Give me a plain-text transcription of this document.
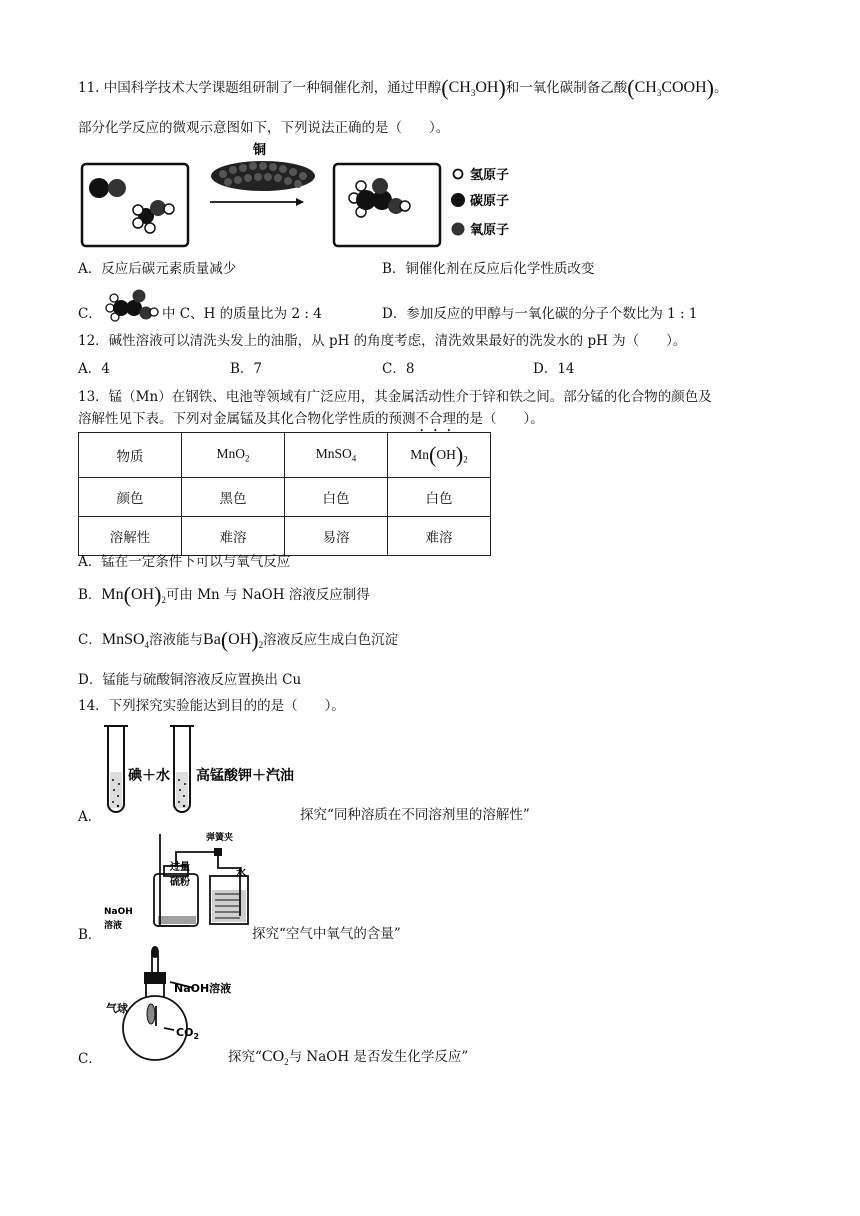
11. 中国科学技术大学课题组研制了一种铜催化剂，通过甲醇$(CH_3OH)$和一氧化碳制备乙酸$(CH_3COOH)$。
部分化学反应的微观示意图如下，下列说法正确的是（　　）。
铜
氢原子
碳原子
氧原子
A．反应后碳元素质量减少	B．铜催化剂在反应后化学性质改变
C．	中 C、H 的质量比为 2 : 4	D．参加反应的甲醇与一氧化碳的分子个数比为 1 : 1
12．碱性溶液可以清洗头发上的油脂，从 pH 的角度考虑，清洗效果最好的洗发水的 pH 为（　　）。
A．4	B．7	C．8	D．14
13．锰（Mn）在钢铁、电池等领域有广泛应用，其金属活动性介于锌和铁之间。部分锰的化合物的颜色及
溶解性见下表。下列对金属锰及其化合物化学性质的预测不合理的是（　　）。
物质	MnO$_2$	MnSO$_4$	$Mn(OH)_2$
颜色	黑色	白色	白色
溶解性	难溶	易溶	难溶
A．锰在一定条件下可以与氧气反应
B．$Mn(OH)_2$可由 Mn 与 NaOH 溶液反应制得
C．MnSO$_4$溶液能与$Ba(OH)_2$溶液反应生成白色沉淀
D．锰能与硫酸铜溶液反应置换出 Cu
14．下列探究实验能达到目的的是（　　）。
碘＋水 高锰酸钾＋汽油
A．	探究“同种溶质在不同溶剂里的溶解性”
弹簧夹
过量
硫粉
水
NaOH
溶液
B．	探究“空气中氧气的含量”
NaOH溶液
气球
$CO_2$
C．	探究“$CO_2$与 NaOH 是否发生化学反应”
